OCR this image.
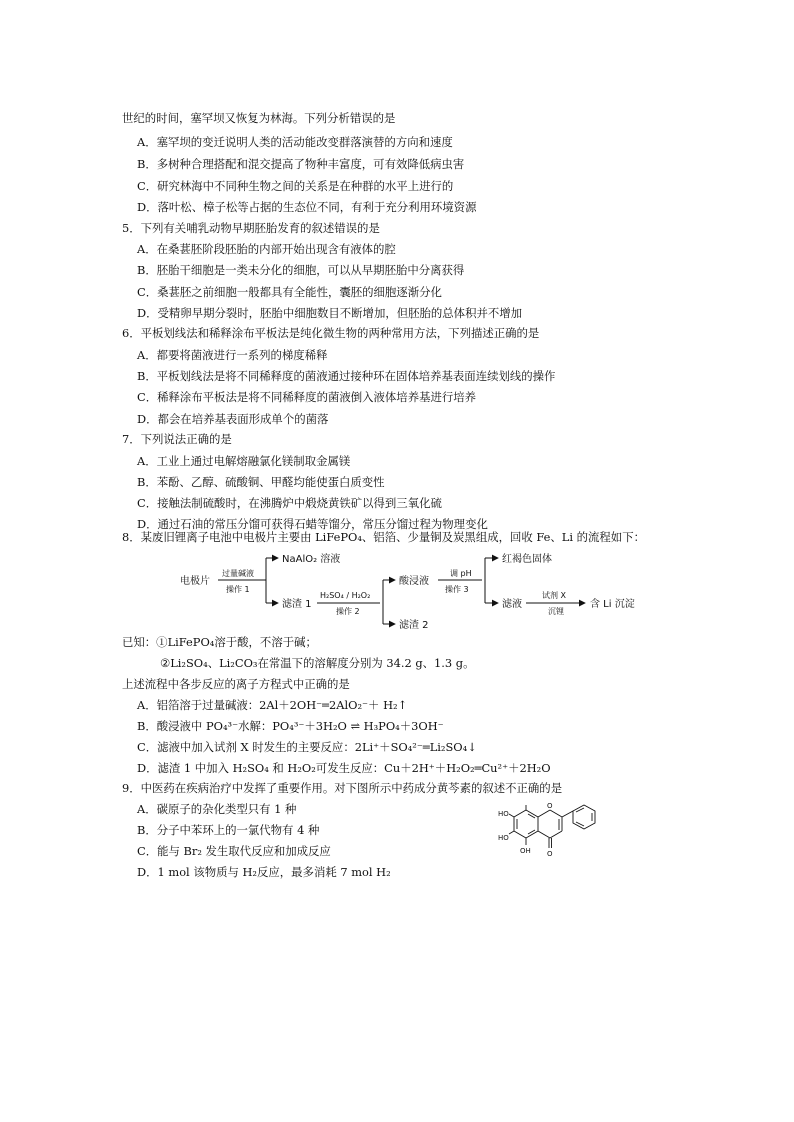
世纪的时间，塞罕坝又恢复为林海。下列分析错误的是
A．塞罕坝的变迁说明人类的活动能改变群落演替的方向和速度
B．多树种合理搭配和混交提高了物种丰富度，可有效降低病虫害
C．研究林海中不同种生物之间的关系是在种群的水平上进行的
D．落叶松、樟子松等占据的生态位不同，有利于充分利用环境资源
5．下列有关哺乳动物早期胚胎发育的叙述错误的是
A．在桑葚胚阶段胚胎的内部开始出现含有液体的腔
B．胚胎干细胞是一类未分化的细胞，可以从早期胚胎中分离获得
C．桑葚胚之前细胞一般都具有全能性，囊胚的细胞逐渐分化
D．受精卵早期分裂时，胚胎中细胞数目不断增加，但胚胎的总体积并不增加
6．平板划线法和稀释涂布平板法是纯化微生物的两种常用方法，下列描述正确的是
A．都要将菌液进行一系列的梯度稀释
B．平板划线法是将不同稀释度的菌液通过接种环在固体培养基表面连续划线的操作
C．稀释涂布平板法是将不同稀释度的菌液倒入液体培养基进行培养
D．都会在培养基表面形成单个的菌落
7．下列说法正确的是
A．工业上通过电解熔融氯化镁制取金属镁
B．苯酚、乙醇、硫酸铜、甲醛均能使蛋白质变性
C．接触法制硫酸时，在沸腾炉中煅烧黄铁矿以得到三氧化硫
D．通过石油的常压分馏可获得石蜡等馏分，常压分馏过程为物理变化
8．某废旧锂离子电池中电极片主要由 LiFePO₄、铝箔、少量铜及炭黑组成，回收 Fe、Li 的流程如下：
电极片
过量碱液
操作 1
NaAlO₂ 溶液
滤渣 1
H₂SO₄ / H₂O₂
操作 2
酸浸液
滤渣 2
调 pH
操作 3
红褐色固体
滤液
试剂 X
沉锂
含 Li 沉淀
已知：①LiFePO₄溶于酸，不溶于碱；
②Li₂SO₄、Li₂CO₃在常温下的溶解度分别为 34.2 g、1.3 g。
上述流程中各步反应的离子方程式中正确的是
A．铝箔溶于过量碱液：2Al＋2OH⁻═2AlO₂⁻＋ H₂↑
B．酸浸液中 PO₄³⁻水解：PO₄³⁻＋3H₂O ⇌ H₃PO₄＋3OH⁻
C．滤液中加入试剂 X 时发生的主要反应：2Li⁺＋SO₄²⁻═Li₂SO₄↓
D．滤渣 1 中加入 H₂SO₄ 和 H₂O₂可发生反应：Cu＋2H⁺＋H₂O₂═Cu²⁺＋2H₂O
9．中医药在疾病治疗中发挥了重要作用。对下图所示中药成分黄芩素的叙述不正确的是
A．碳原子的杂化类型只有 1 种
B．分子中苯环上的一氯代物有 4 种
C．能与 Br₂ 发生取代反应和加成反应
D．1 mol 该物质与 H₂反应，最多消耗 7 mol H₂
HO
HO
OH
O
O
